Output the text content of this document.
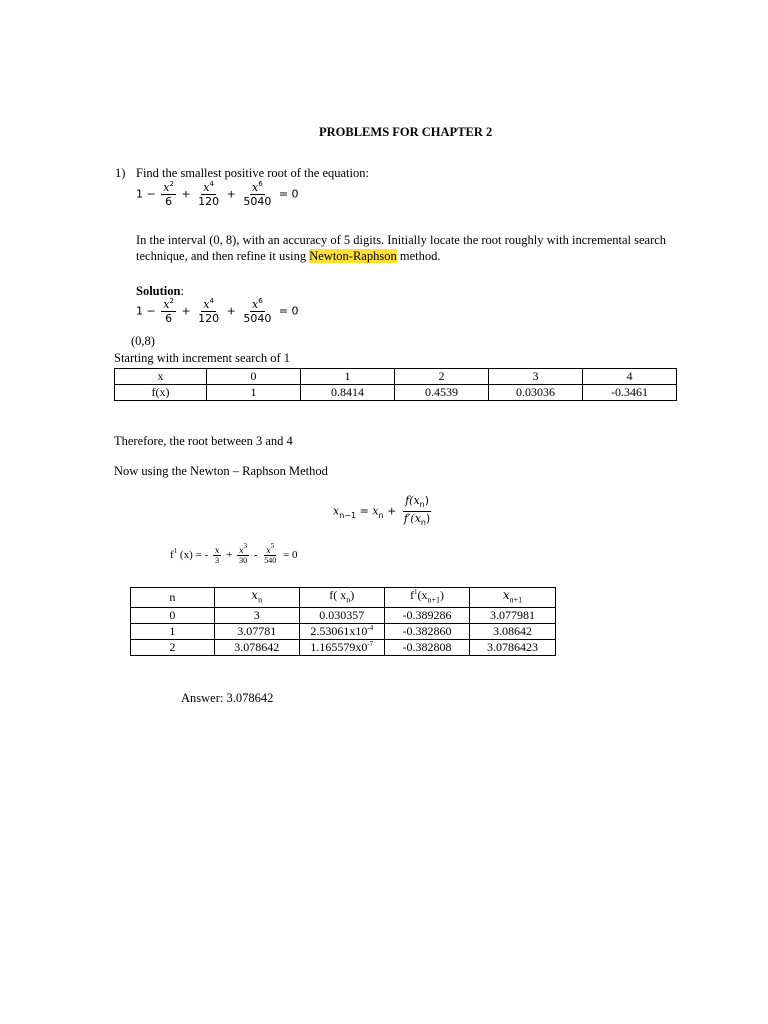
PROBLEMS FOR CHAPTER 2
1) Find the smallest positive root of the equation:
$1 - \frac{x^2}{6} + \frac{x^4}{120} + \frac{x^6}{5040} = 0$
In the interval (0, 8), with an accuracy of 5 digits. Initially locate the root roughly with incremental search
technique, and then refine it using Newton-Raphson method.
Solution:
$1 - \frac{x^2}{6} + \frac{x^4}{120} + \frac{x^6}{5040} = 0$
(0,8)
Starting with increment search of 1
x	0	1	2	3	4
f(x)	1	0.8414	0.4539	0.03036	-0.3461
Therefore, the root between 3 and 4
Now using the Newton – Raphson Method
$x_{n-1} = x_n + \frac{f(x_n)}{f'(x_n)}$
$f^1$ (x) = - $\frac{x}{3} + \frac{x^3}{30} - \frac{x^5}{540} = 0$
n	$x_n$	f( $x_n$)	$f^1(x_{n+1})$	$x_{n+1}$
0	3	0.030357	-0.389286	3.077981
1	3.07781	$2.53061x10^{-4}$	-0.382860	3.08642
2	3.078642	$1.165579x0^{-7}$	-0.382808	3.0786423
Answer: 3.078642
